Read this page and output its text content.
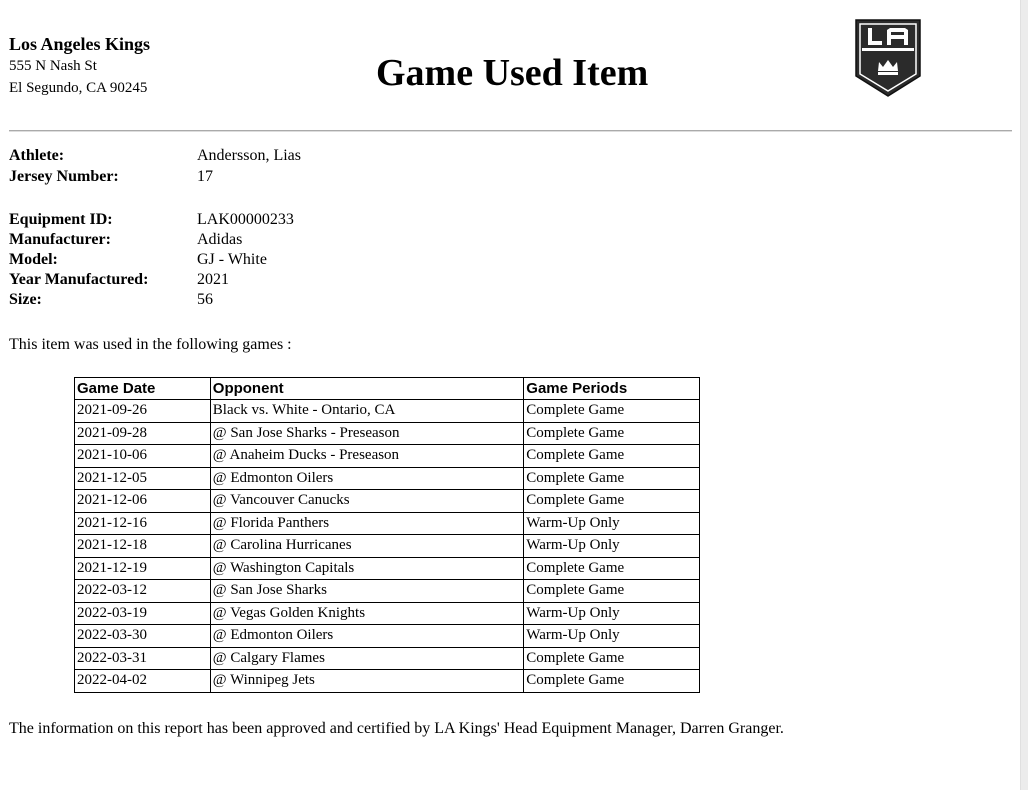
Los Angeles Kings
555 N Nash St
El Segundo, CA 90245	Game Used Item
Athlete:	Andersson, Lias
Jersey Number:	17
Equipment ID:	LAK00000233
Manufacturer:	Adidas
Model:	GJ - White
Year Manufactured:	2021
Size:	56
This item was used in the following games :
Game Date	Opponent	Game Periods
2021-09-26	Black vs. White - Ontario, CA	Complete Game
2021-09-28	@ San Jose Sharks - Preseason	Complete Game
2021-10-06	@ Anaheim Ducks - Preseason	Complete Game
2021-12-05	@ Edmonton Oilers	Complete Game
2021-12-06	@ Vancouver Canucks	Complete Game
2021-12-16	@ Florida Panthers	Warm-Up Only
2021-12-18	@ Carolina Hurricanes	Warm-Up Only
2021-12-19	@ Washington Capitals	Complete Game
2022-03-12	@ San Jose Sharks	Complete Game
2022-03-19	@ Vegas Golden Knights	Warm-Up Only
2022-03-30	@ Edmonton Oilers	Warm-Up Only
2022-03-31	@ Calgary Flames	Complete Game
2022-04-02	@ Winnipeg Jets	Complete Game
The information on this report has been approved and certified by LA Kings' Head Equipment Manager, Darren Granger.
